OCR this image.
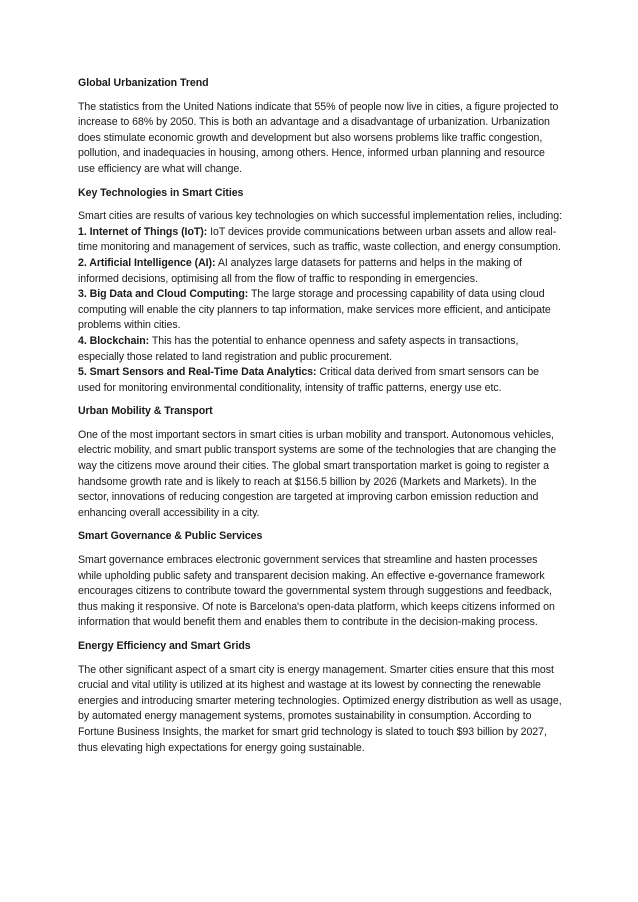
Global Urbanization Trend

The statistics from the United Nations indicate that 55% of people now live in cities, a figure projected to increase to 68% by 2050. This is both an advantage and a disadvantage of urbanization. Urbanization does stimulate economic growth and development but also worsens problems like traffic congestion, pollution, and inadequacies in housing, among others. Hence, informed urban planning and resource use efficiency are what will change.

Key Technologies in Smart Cities
Smart cities are results of various key technologies on which successful implementation relies, including:
1. Internet of Things (IoT): IoT devices provide communications between urban assets and allow real-time monitoring and management of services, such as traffic, waste collection, and energy consumption.
2. Artificial Intelligence (AI): AI analyzes large datasets for patterns and helps in the making of informed decisions, optimising all from the flow of traffic to responding in emergencies.
3. Big Data and Cloud Computing: The large storage and processing capability of data using cloud computing will enable the city planners to tap information, make services more efficient, and anticipate problems within cities.
4. Blockchain: This has the potential to enhance openness and safety aspects in transactions, especially those related to land registration and public procurement.
5. Smart Sensors and Real-Time Data Analytics: Critical data derived from smart sensors can be used for monitoring environmental conditionality, intensity of traffic patterns, energy use etc.
Urban Mobility & Transport

One of the most important sectors in smart cities is urban mobility and transport. Autonomous vehicles, electric mobility, and smart public transport systems are some of the technologies that are changing the way the citizens move around their cities. The global smart transportation market is going to register a handsome growth rate and is likely to reach at $156.5 billion by 2026 (Markets and Markets). In the sector, innovations of reducing congestion are targeted at improving carbon emission reduction and enhancing overall accessibility in a city.

Smart Governance & Public Services

Smart governance embraces electronic government services that streamline and hasten processes while upholding public safety and transparent decision making. An effective e-governance framework encourages citizens to contribute toward the governmental system through suggestions and feedback, thus making it responsive. Of note is Barcelona's open-data platform, which keeps citizens informed on information that would benefit them and enables them to contribute in the decision-making process.

Energy Efficiency and Smart Grids

The other significant aspect of a smart city is energy management. Smarter cities ensure that this most crucial and vital utility is utilized at its highest and wastage at its lowest by connecting the renewable energies and introducing smarter metering technologies. Optimized energy distribution as well as usage, by automated energy management systems, promotes sustainability in consumption. According to Fortune Business Insights, the market for smart grid technology is slated to touch $93 billion by 2027, thus elevating high expectations for energy going sustainable.
